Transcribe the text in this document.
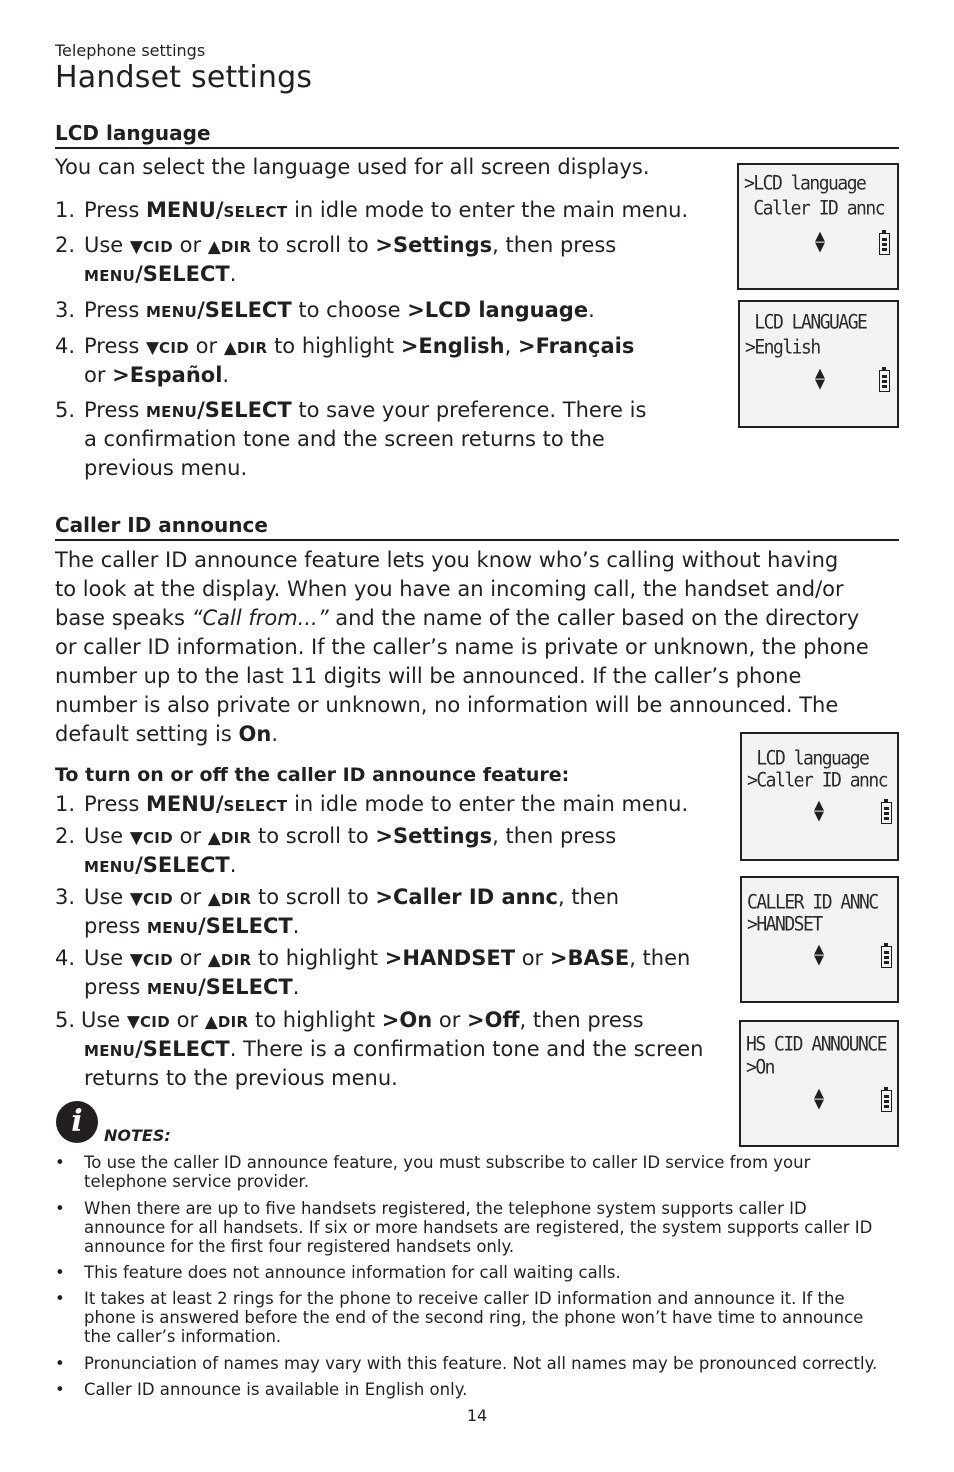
Telephone settings
Handset settings
LCD language
You can select the language used for all screen displays.
1. Press MENU/SELECT in idle mode to enter the main menu.
2. Use ▼CID or ▲DIR to scroll to >Settings, then press
MENU/SELECT.
3. Press MENU/SELECT to choose >LCD language.
4. Press ▼CID or ▲DIR to highlight >English, >Français
or >Español.
5. Press MENU/SELECT to save your preference. There is
a confirmation tone and the screen returns to the
previous menu.
Caller ID announce
The caller ID announce feature lets you know who’s calling without having
to look at the display. When you have an incoming call, the handset and/or
base speaks “Call from...” and the name of the caller based on the directory
or caller ID information. If the caller’s name is private or unknown, the phone
number up to the last 11 digits will be announced. If the caller’s phone
number is also private or unknown, no information will be announced. The
default setting is On.
To turn on or off the caller ID announce feature:
1. Press MENU/SELECT in idle mode to enter the main menu.
2. Use ▼CID or ▲DIR to scroll to >Settings, then press
MENU/SELECT.
3. Use ▼CID or ▲DIR to scroll to >Caller ID annc, then
press MENU/SELECT.
4. Use ▼CID or ▲DIR to highlight >HANDSET or >BASE, then
press MENU/SELECT.
5. Use ▼CID or ▲DIR to highlight >On or >Off, then press
MENU/SELECT. There is a confirmation tone and the screen
returns to the previous menu.
>LCD language
Caller ID annc
▲
▼
LCD LANGUAGE
>English
▲
▼
LCD language
>Caller ID annc
▲
▼
CALLER ID ANNC
>HANDSET
▲
▼
HS CID ANNOUNCE
>On
▲
▼
i	NOTES:
• To use the caller ID announce feature, you must subscribe to caller ID service from your
telephone service provider.
• When there are up to five handsets registered, the telephone system supports caller ID
announce for all handsets. If six or more handsets are registered, the system supports caller ID
announce for the first four registered handsets only.
• This feature does not announce information for call waiting calls.
• It takes at least 2 rings for the phone to receive caller ID information and announce it. If the
phone is answered before the end of the second ring, the phone won’t have time to announce
the caller’s information.
• Pronunciation of names may vary with this feature. Not all names may be pronounced correctly.
• Caller ID announce is available in English only.
14
